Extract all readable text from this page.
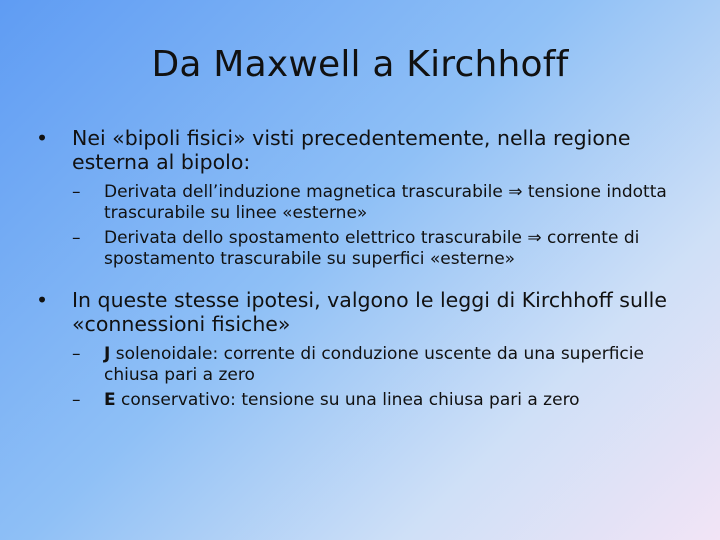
Da Maxwell a Kirchhoff
•	Nei «bipoli fisici» visti precedentemente, nella regione esterna al bipolo:
–	Derivata dell’induzione magnetica trascurabile ⇒ tensione indotta trascurabile su linee «esterne»
–	Derivata dello spostamento elettrico trascurabile ⇒ corrente di spostamento trascurabile su superfici «esterne»
•	In queste stesse ipotesi, valgono le leggi di Kirchhoff sulle «connessioni fisiche»
–	J solenoidale: corrente di conduzione uscente da una superficie chiusa pari a zero
–	E conservativo: tensione su una linea chiusa pari a zero
